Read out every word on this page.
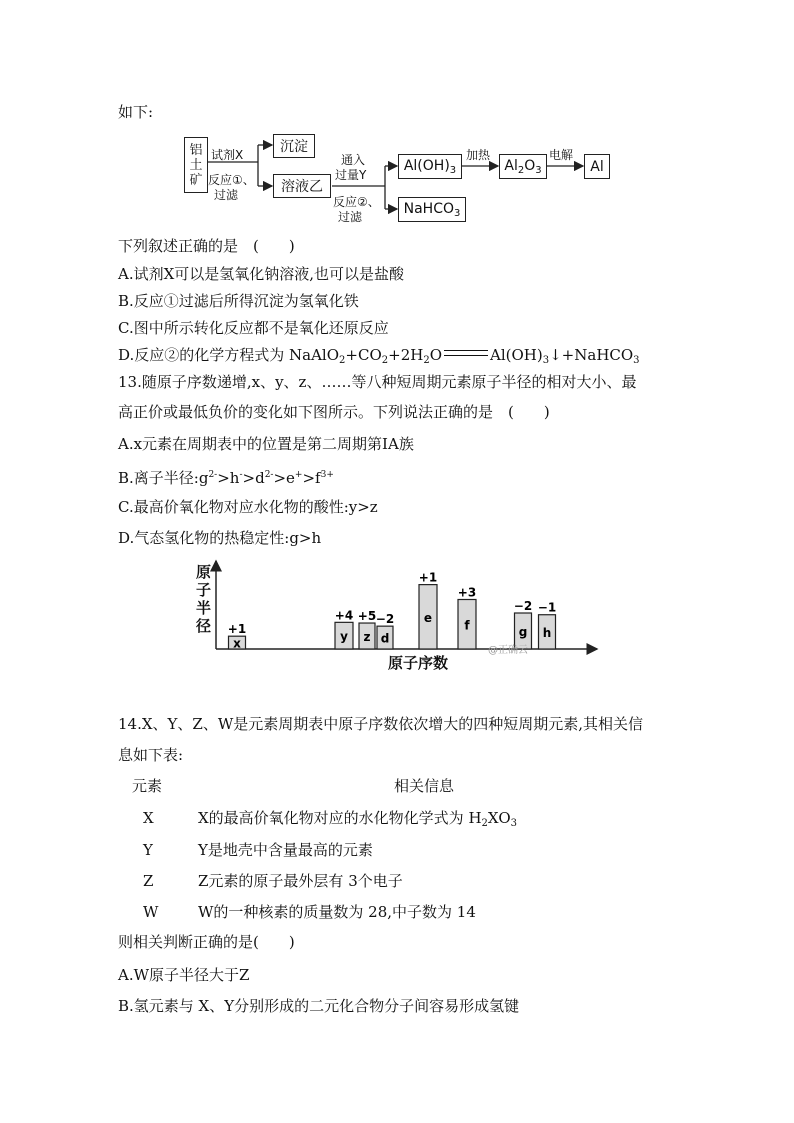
如下:
铝
土
矿
试剂X
反应①、
过滤
沉淀
溶液乙
通入
过量Y
反应②、
过滤
$Al(OH)_3$
加热
$Al_2O_3$
电解
Al
NaHCO$_3$
下列叙述正确的是　(　　)
A.试剂X可以是氢氧化钠溶液,也可以是盐酸
B.反应①过滤后所得沉淀为氢氧化铁
C.图中所示转化反应都不是氧化还原反应
D.反应②的化学方程式为 $NaAlO_2+CO_2+2H_2O$	$Al(OH)_3↓+NaHCO_3$
13.随原子序数递增,x、y、z、……等八种短周期元素原子半径的相对大小、最
高正价或最低负价的变化如下图所示。下列说法正确的是　(　　)
A.x元素在周期表中的位置是第二周期第ⅠA族
B.离子半径$:g^{2-}>h^->d^{2-}>e^+>f^{3+}$
C.最高价氧化物对应水化物的酸性:y>z
D.气态氢化物的热稳定性:g>h
x
+1
y
+4
z
+5
d
−2 e
+1
f
+3
g
−2
h
−1
@正确云
原子半径
原子序数
14.X、Y、Z、W是元素周期表中原子序数依次增大的四种短周期元素,其相关信
息如下表:
元素	相关信息
X	X的最高价氧化物对应的水化物化学式为 $H_2XO_3$
Y	Y是地壳中含量最高的元素
Z	Z元素的原子最外层有 3个电子
W	W的一种核素的质量数为 28,中子数为 14
则相关判断正确的是(　　)
A.W原子半径大于Z
B.氢元素与 X、Y分别形成的二元化合物分子间容易形成氢键
